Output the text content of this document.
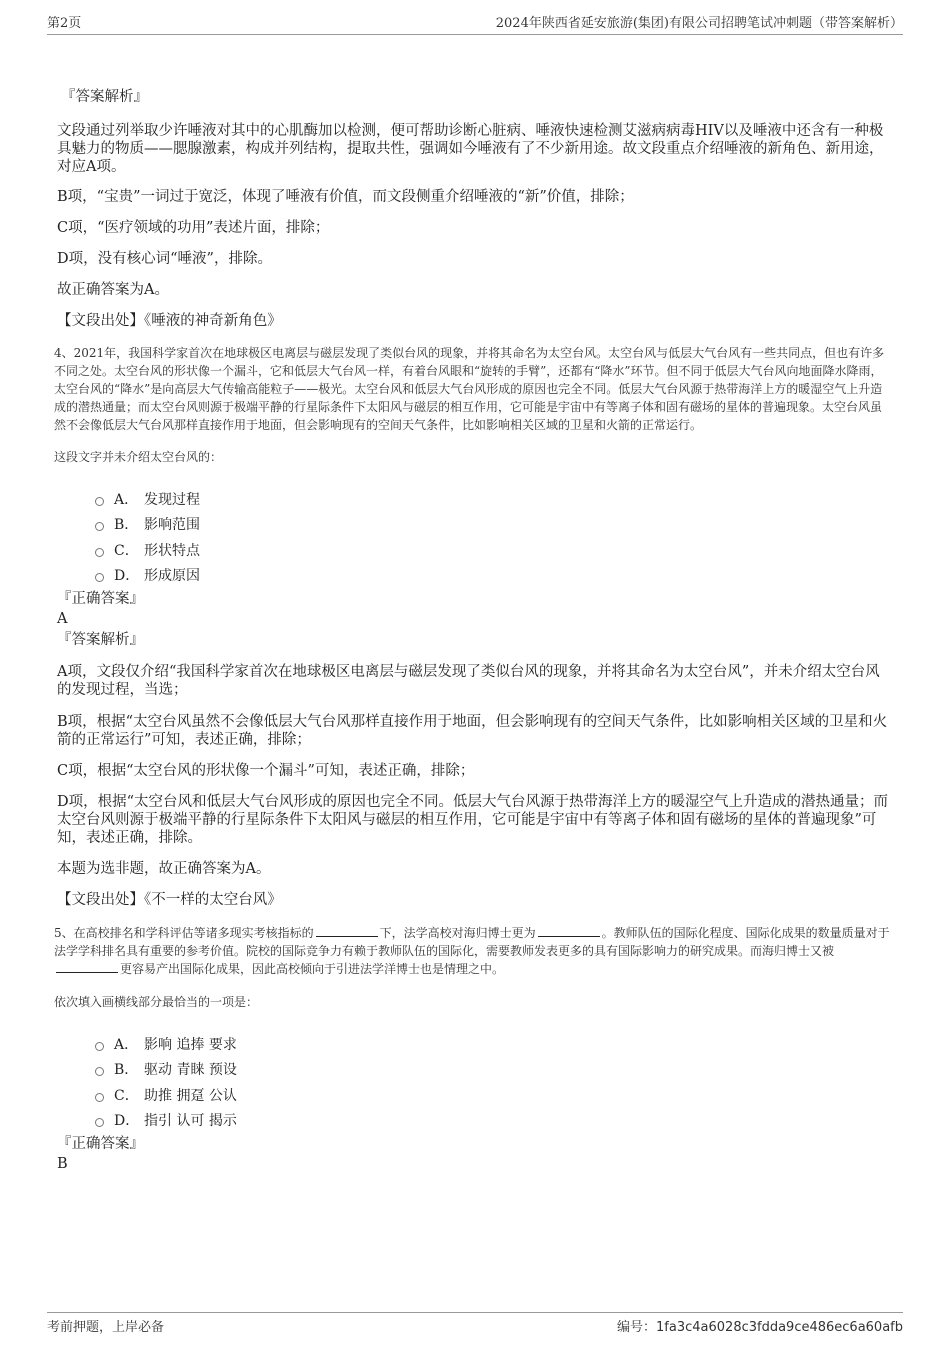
第2页	2024年陕西省延安旅游(集团)有限公司招聘笔试冲刺题（带答案解析）

『答案解析』

文段通过列举取少许唾液对其中的心肌酶加以检测，便可帮助诊断心脏病、唾液快速检测艾滋病病毒HIV以及唾液中还含有一种极具魅力的物质——腮腺激素，构成并列结构，提取共性，强调如今唾液有了不少新用途。故文段重点介绍唾液的新角色、新用途，对应A项。

B项，“宝贵”一词过于宽泛，体现了唾液有价值，而文段侧重介绍唾液的“新”价值，排除；

C项，“医疗领域的功用”表述片面，排除；

D项，没有核心词“唾液”，排除。

故正确答案为A。

【文段出处】《唾液的神奇新角色》

4、2021年，我国科学家首次在地球极区电离层与磁层发现了类似台风的现象，并将其命名为太空台风。太空台风与低层大气台风有一些共同点，但也有许多不同之处。太空台风的形状像一个漏斗，它和低层大气台风一样，有着台风眼和“旋转的手臂”，还都有“降水”环节。但不同于低层大气台风向地面降水降雨，太空台风的“降水”是向高层大气传输高能粒子——极光。太空台风和低层大气台风形成的原因也完全不同。低层大气台风源于热带海洋上方的暖湿空气上升造成的潜热通量；而太空台风则源于极端平静的行星际条件下太阳风与磁层的相互作用，它可能是宇宙中有等离子体和固有磁场的星体的普遍现象。太空台风虽然不会像低层大气台风那样直接作用于地面，但会影响现有的空间天气条件，比如影响相关区域的卫星和火箭的正常运行。

这段文字并未介绍太空台风的：

A． 发现过程
B． 影响范围
C． 形状特点
D． 形成原因

『正确答案』

A

『答案解析』

A项，文段仅介绍“我国科学家首次在地球极区电离层与磁层发现了类似台风的现象，并将其命名为太空台风”，并未介绍太空台风的发现过程，当选；

B项，根据“太空台风虽然不会像低层大气台风那样直接作用于地面，但会影响现有的空间天气条件，比如影响相关区域的卫星和火箭的正常运行”可知，表述正确，排除；

C项，根据“太空台风的形状像一个漏斗”可知，表述正确，排除；

D项，根据“太空台风和低层大气台风形成的原因也完全不同。低层大气台风源于热带海洋上方的暖湿空气上升造成的潜热通量；而太空台风则源于极端平静的行星际条件下太阳风与磁层的相互作用，它可能是宇宙中有等离子体和固有磁场的星体的普遍现象”可知，表述正确，排除。

本题为选非题，故正确答案为A。

【文段出处】《不一样的太空台风》

5、在高校排名和学科评估等诸多现实考核指标的	下，法学高校对海归博士更为	。教师队伍的国际化程度、国际化成果的数量质量对于法学学科排名具有重要的参考价值。院校的国际竞争力有赖于教师队伍的国际化，需要教师发表更多的具有国际影响力的研究成果。而海归博士又被更容易产出国际化成果，因此高校倾向于引进法学洋博士也是情理之中。

依次填入画横线部分最恰当的一项是：

A． 影响 追捧 要求
B． 驱动 青睐 预设
C． 助推 拥趸 公认
D． 指引 认可 揭示

『正确答案』

B

考前押题，上岸必备	编号：1fa3c4a6028c3fdda9ce486ec6a60afb
